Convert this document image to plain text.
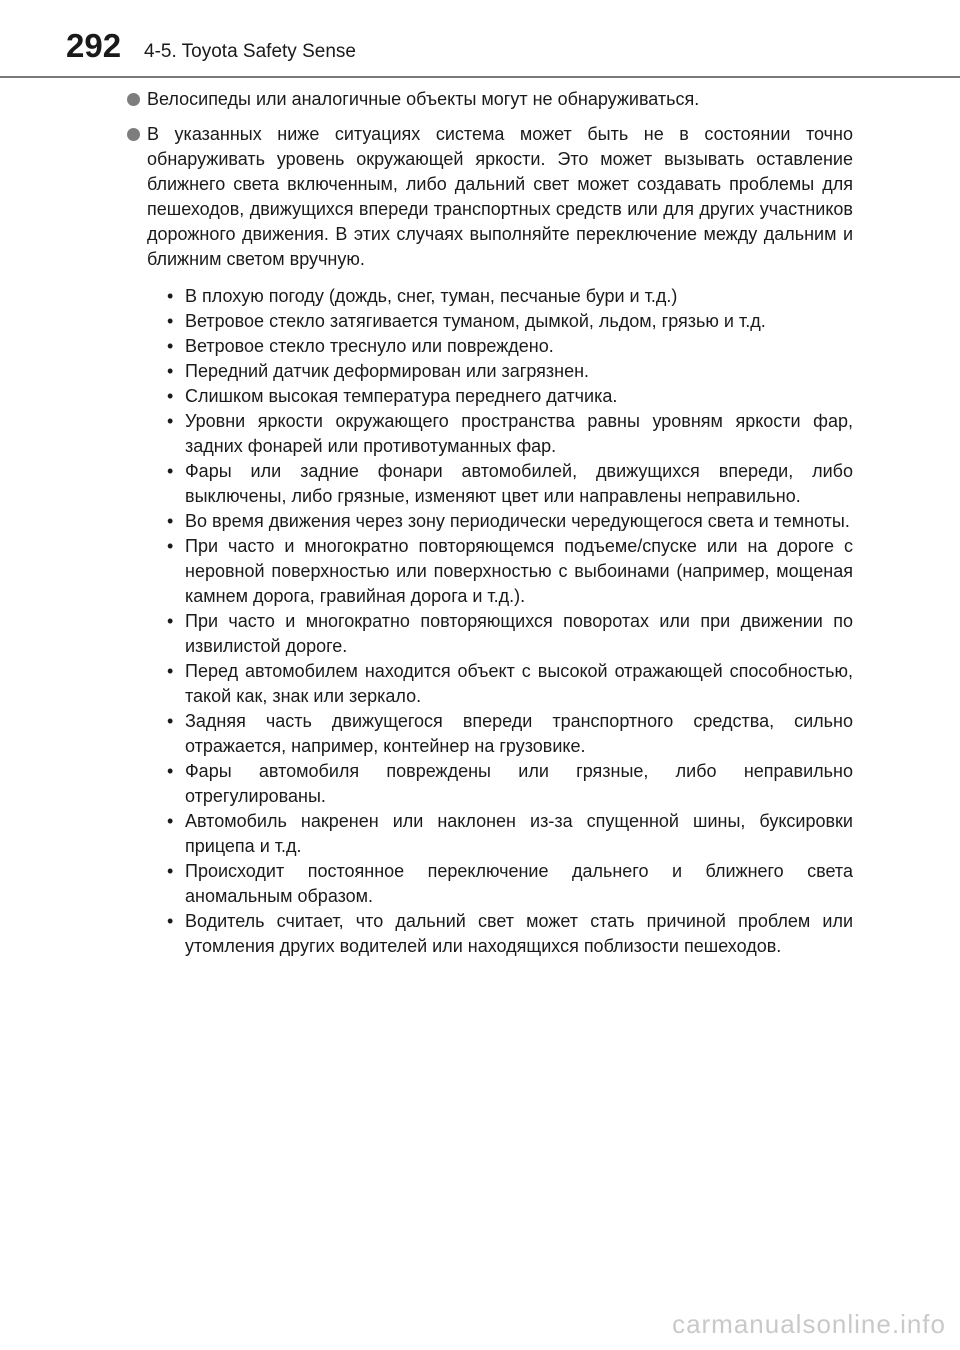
292 4-5. Toyota Safety Sense
Велосипеды или аналогичные объекты могут не обнаруживаться.
В указанных ниже ситуациях система может быть не в состоянии точно обнаруживать уровень окружающей яркости. Это может вызывать оставление ближнего света включенным, либо дальний свет может создавать проблемы для пешеходов, движущихся впереди транспортных средств или для других участников дорожного движения. В этих случаях выполняйте переключение между дальним и ближним светом вручную.
• В плохую погоду (дождь, снег, туман, песчаные бури и т.д.)
• Ветровое стекло затягивается туманом, дымкой, льдом, грязью и т.д.
• Ветровое стекло треснуло или повреждено.
• Передний датчик деформирован или загрязнен.
• Слишком высокая температура переднего датчика.
• Уровни яркости окружающего пространства равны уровням яркости фар, задних фонарей или противотуманных фар.
• Фары или задние фонари автомобилей, движущихся впереди, либо выключены, либо грязные, изменяют цвет или направлены неправильно.
• Во время движения через зону периодически чередующегося света и темноты.
• При часто и многократно повторяющемся подъеме/спуске или на дороге с неровной поверхностью или поверхностью с выбоинами (например, мощеная камнем дорога, гравийная дорога и т.д.).
• При часто и многократно повторяющихся поворотах или при движении по извилистой дороге.
• Перед автомобилем находится объект с высокой отражающей способностью, такой как, знак или зеркало.
• Задняя часть движущегося впереди транспортного средства, сильно отражается, например, контейнер на грузовике.
• Фары автомобиля повреждены или грязные, либо неправильно отрегулированы.
• Автомобиль накренен или наклонен из-за спущенной шины, буксировки прицепа и т.д.
• Происходит постоянное переключение дальнего и ближнего света аномальным образом.
• Водитель считает, что дальний свет может стать причиной проблем или утомления других водителей или находящихся поблизости пешеходов.
carmanualsonline.info
